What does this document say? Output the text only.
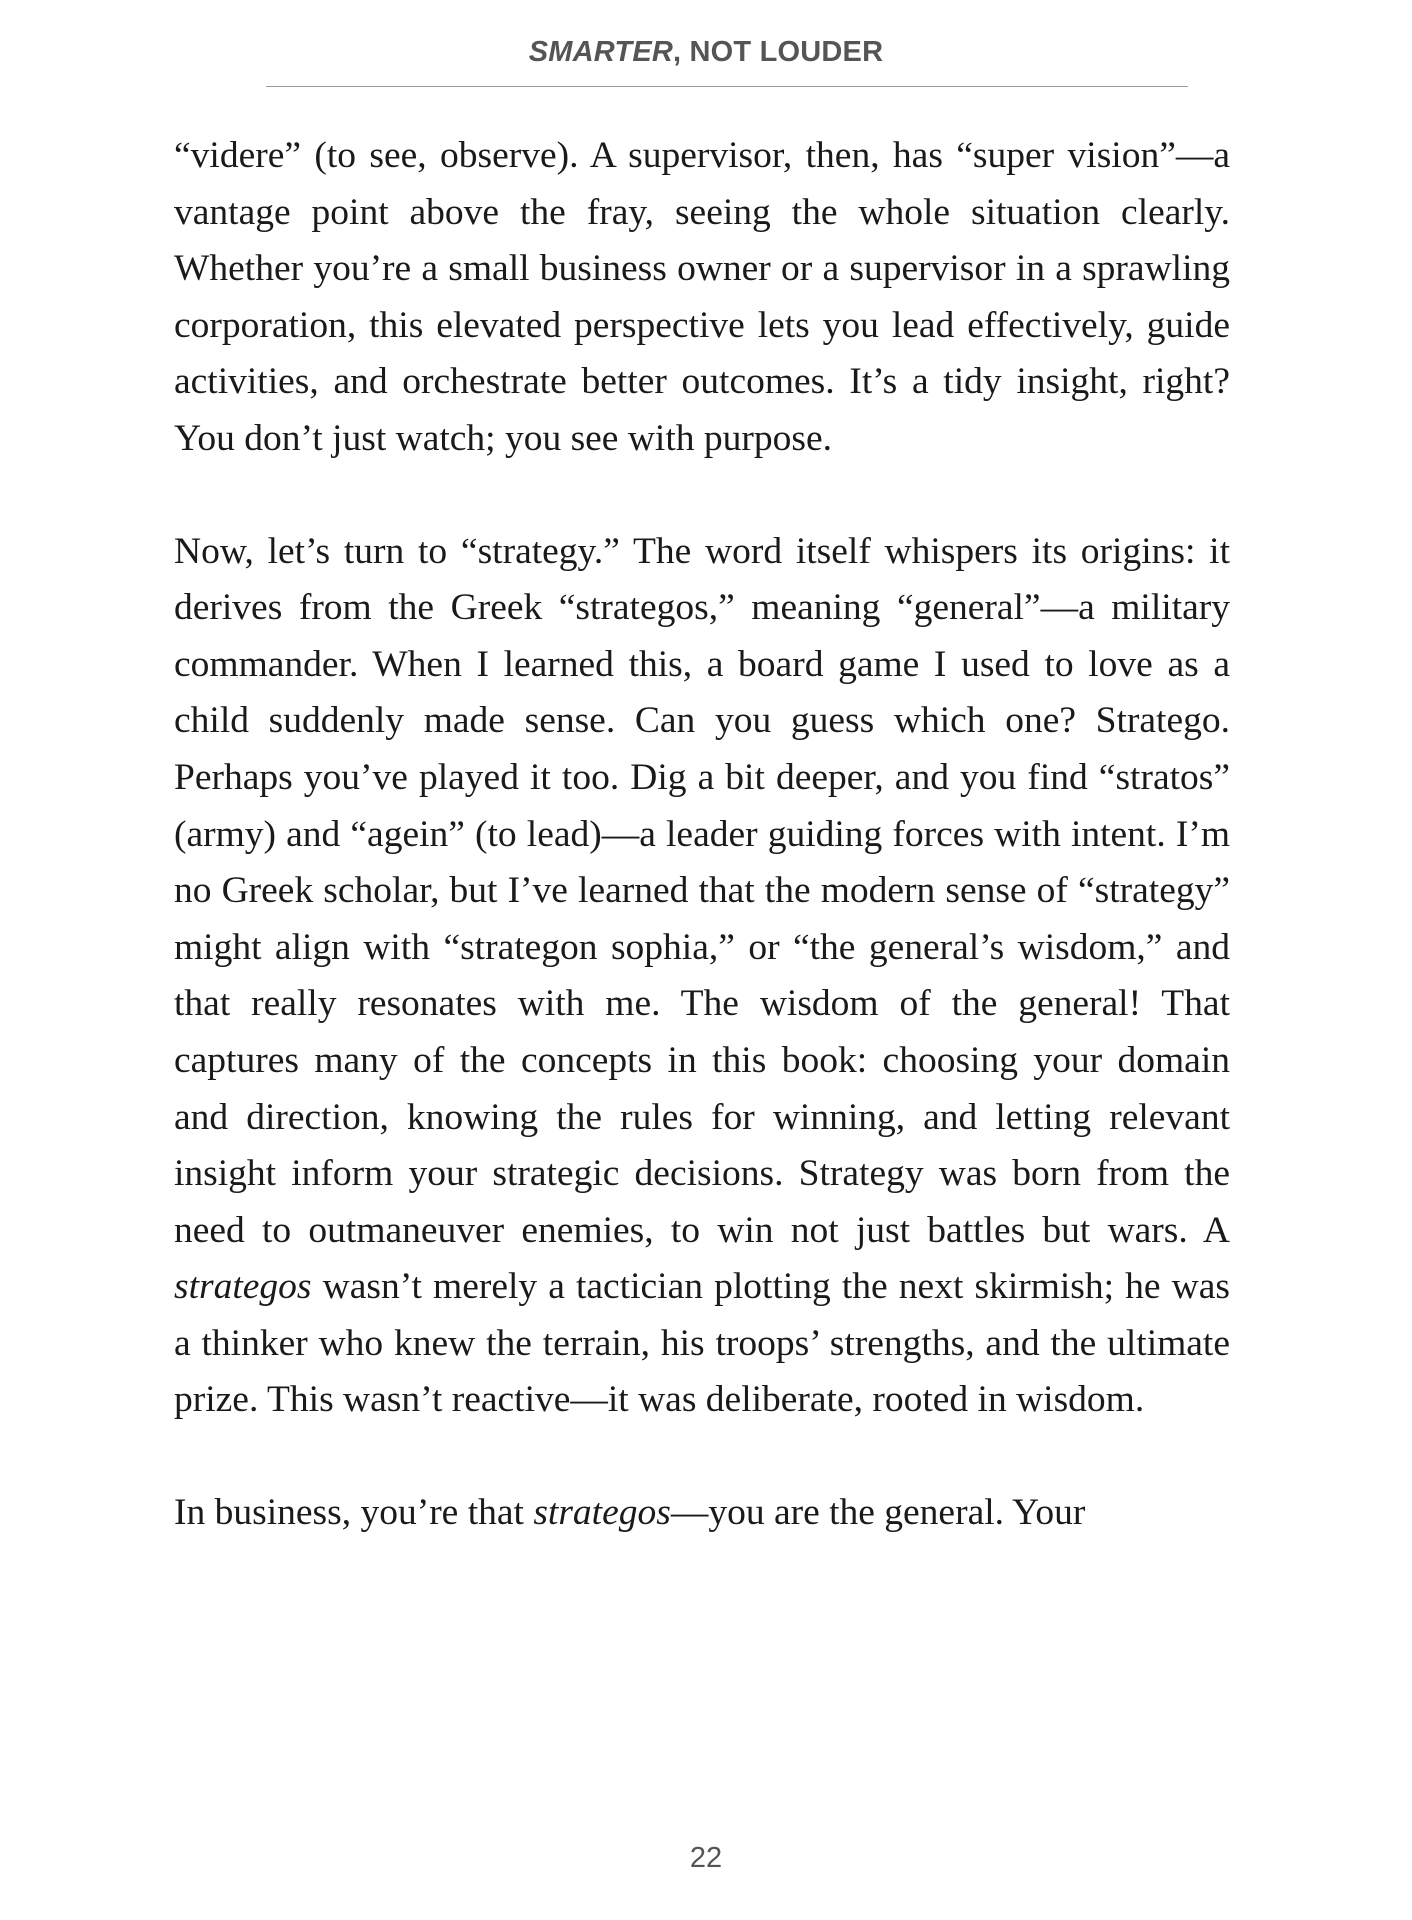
SMARTER, NOT LOUDER

“videre” (to see, observe). A supervisor, then, has “super vision”—a vantage point above the fray, seeing the whole situation clearly. Whether you’re a small business owner or a supervisor in a sprawling corporation, this elevated perspective lets you lead effectively, guide activities, and orchestrate better outcomes. It’s a tidy insight, right? You don’t just watch; you see with purpose.

Now, let’s turn to “strategy.” The word itself whispers its origins: it derives from the Greek “strategos,” meaning “general”—a military commander. When I learned this, a board game I used to love as a child suddenly made sense. Can you guess which one? Stratego. Perhaps you’ve played it too. Dig a bit deeper, and you find “stratos” (army) and “agein” (to lead)—a leader guiding forces with intent. I’m no Greek scholar, but I’ve learned that the modern sense of “strategy” might align with “strategon sophia,” or “the general’s wisdom,” and that really resonates with me. The wisdom of the general! That captures many of the concepts in this book: choosing your domain and direction, knowing the rules for winning, and letting relevant insight inform your strategic decisions. Strategy was born from the need to outmaneuver enemies, to win not just battles but wars. A strategos wasn’t merely a tactician plotting the next skirmish; he was a thinker who knew the terrain, his troops’ strengths, and the ultimate prize. This wasn’t reactive—it was deliberate, rooted in wisdom.

In business, you’re that strategos—you are the general. Your

22
